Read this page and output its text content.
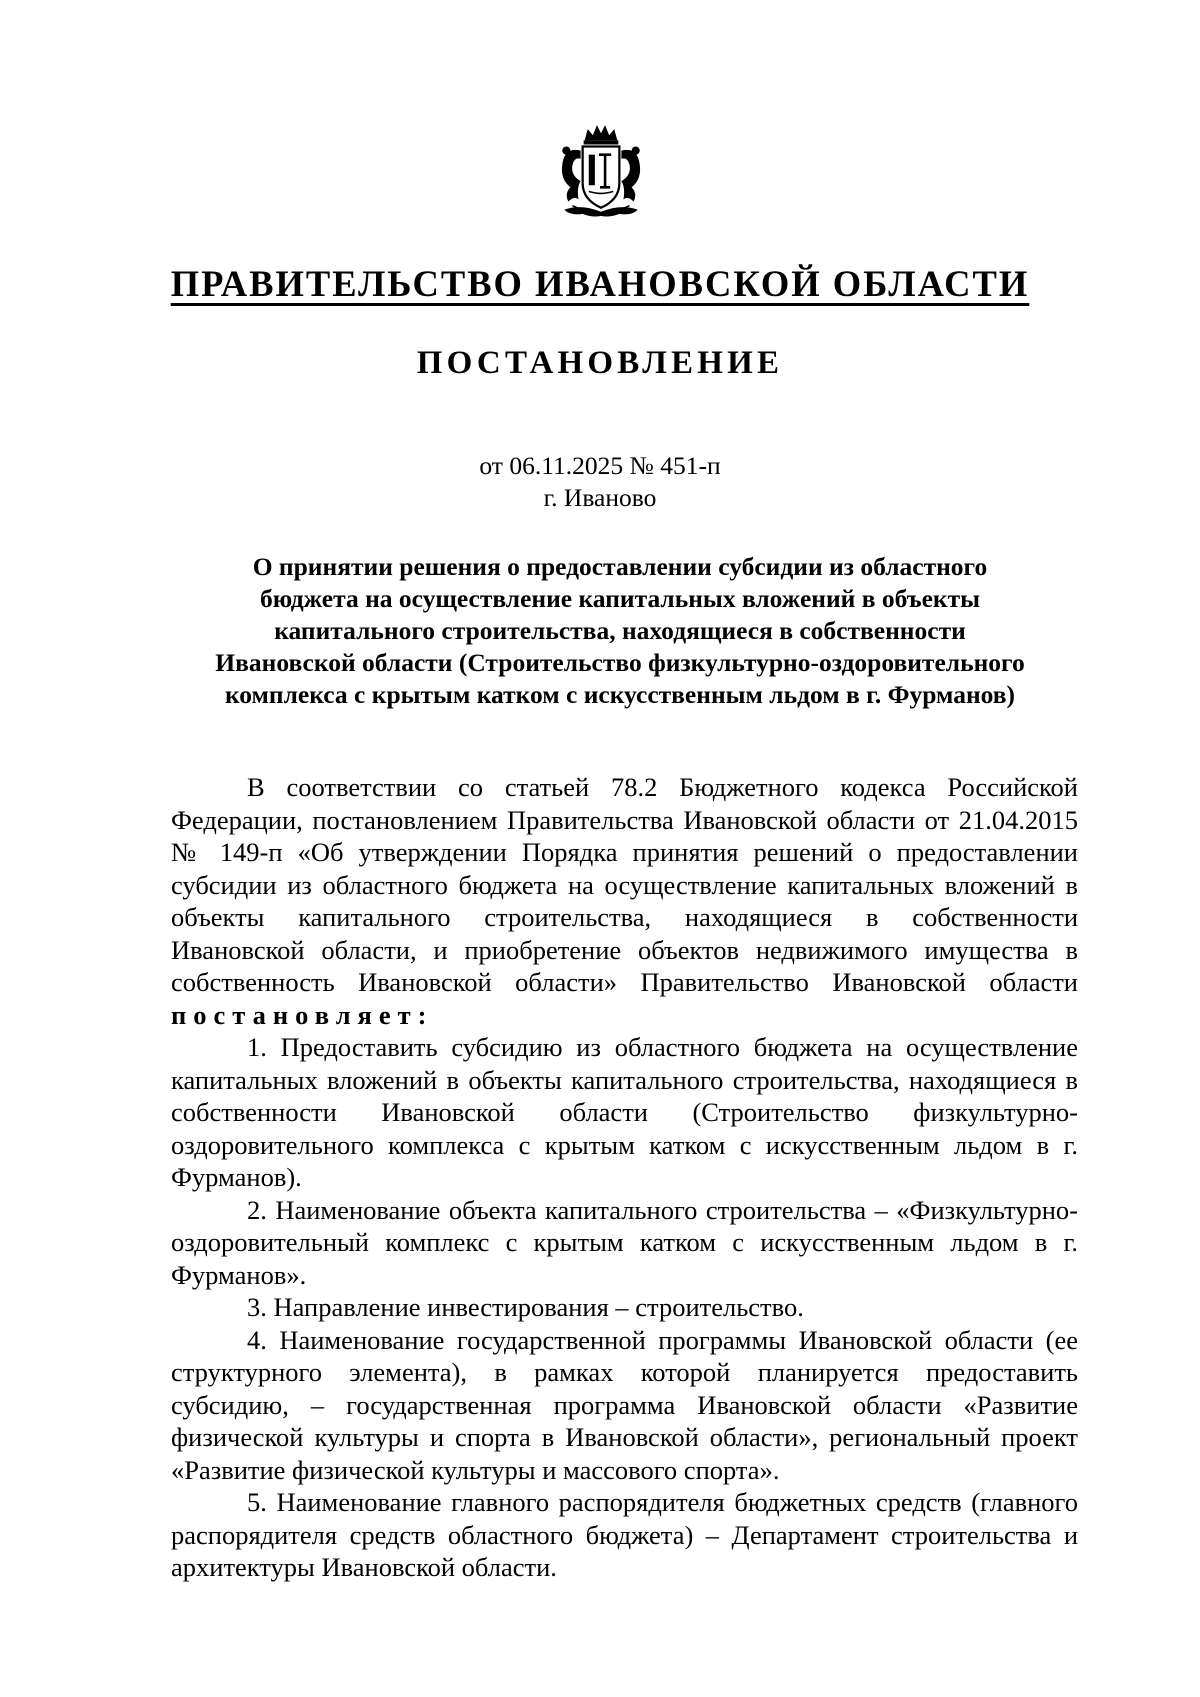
ПРАВИТЕЛЬСТВО ИВАНОВСКОЙ ОБЛАСТИ
ПОСТАНОВЛЕНИЕ
от 06.11.2025 № 451-п
г. Иваново
О принятии решения о предоставлении субсидии из областного
бюджета на осуществление капитальных вложений в объекты
капитального строительства, находящиеся в собственности
Ивановской области (Строительство физкультурно-оздоровительного
комплекса с крытым катком с искусственным льдом в г. Фурманов)

В соответствии со статьей 78.2 Бюджетного кодекса Российской Федерации, постановлением Правительства Ивановской области от 21.04.2015 № 149-п «Об утверждении Порядка принятия решений о предоставлении субсидии из областного бюджета на осуществление капитальных вложений в объекты капитального строительства, находящиеся в собственности Ивановской области, и приобретение объектов недвижимого имущества в собственность Ивановской области» Правительство Ивановской области постановляет:

1. Предоставить субсидию из областного бюджета на осуществление капитальных вложений в объекты капитального строительства, находящиеся в собственности Ивановской области (Строительство физкультурно-оздоровительного комплекса с крытым катком с искусственным льдом в г. Фурманов).

2. Наименование объекта капитального строительства – «Физкультурно-оздоровительный комплекс с крытым катком с искусственным льдом в г. Фурманов».

3. Направление инвестирования – строительство.

4. Наименование государственной программы Ивановской области (ее структурного элемента), в рамках которой планируется предоставить субсидию, – государственная программа Ивановской области «Развитие физической культуры и спорта в Ивановской области», региональный проект «Развитие физической культуры и массового спорта».

5. Наименование главного распорядителя бюджетных средств (главного распорядителя средств областного бюджета) – Департамент строительства и архитектуры Ивановской области.
